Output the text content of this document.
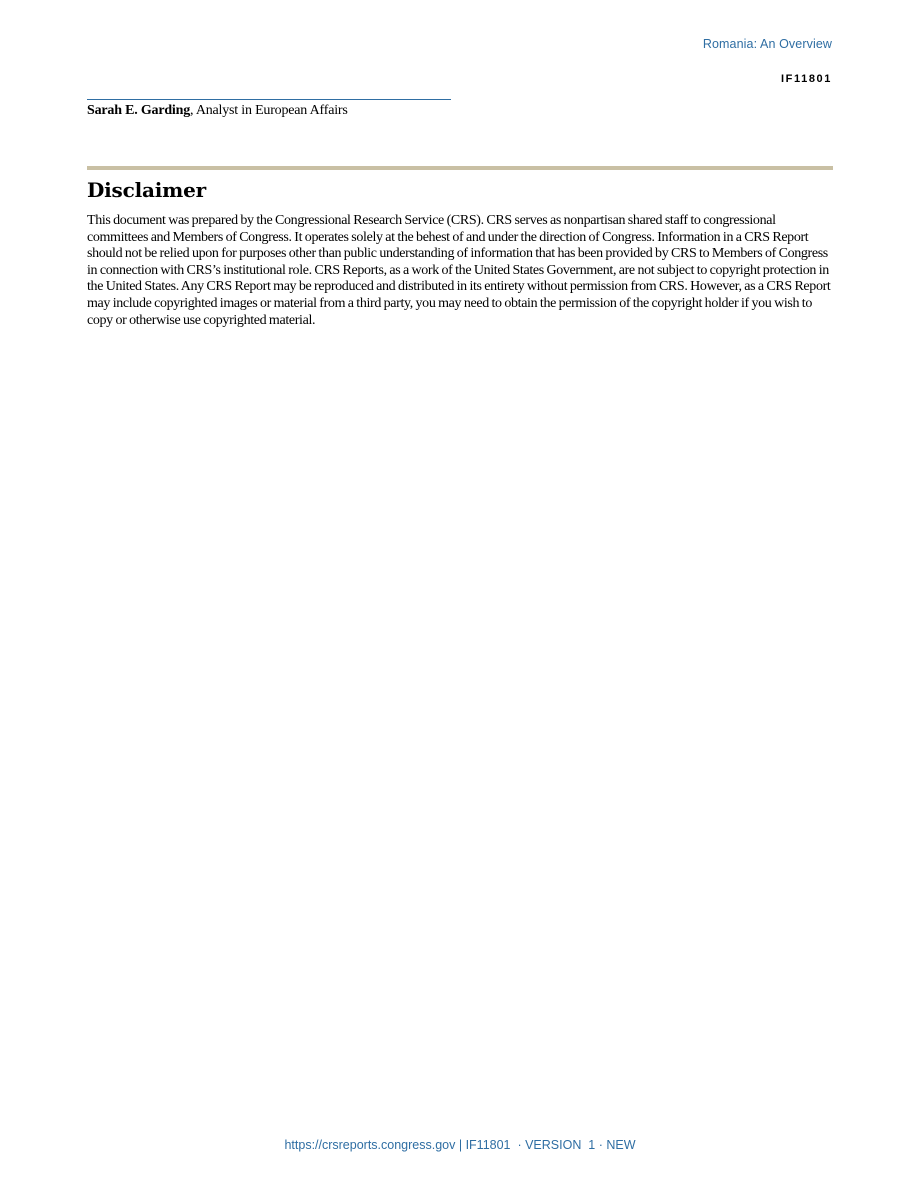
Romania: An Overview
IF11801
Sarah E. Garding, Analyst in European Affairs
Disclaimer

This document was prepared by the Congressional Research Service (CRS). CRS serves as nonpartisan shared staff to congressional committees and Members of Congress. It operates solely at the behest of and under the direction of Congress. Information in a CRS Report should not be relied upon for purposes other than public understanding of information that has been provided by CRS to Members of Congress in connection with CRS’s institutional role. CRS Reports, as a work of the United States Government, are not subject to copyright protection in the United States. Any CRS Report may be reproduced and distributed in its entirety without permission from CRS. However, as a CRS Report may include copyrighted images or material from a third party, you may need to obtain the permission of the copyright holder if you wish to copy or otherwise use copyrighted material.

https://crsreports.congress.gov | IF11801  · VERSION  1 · NEW
